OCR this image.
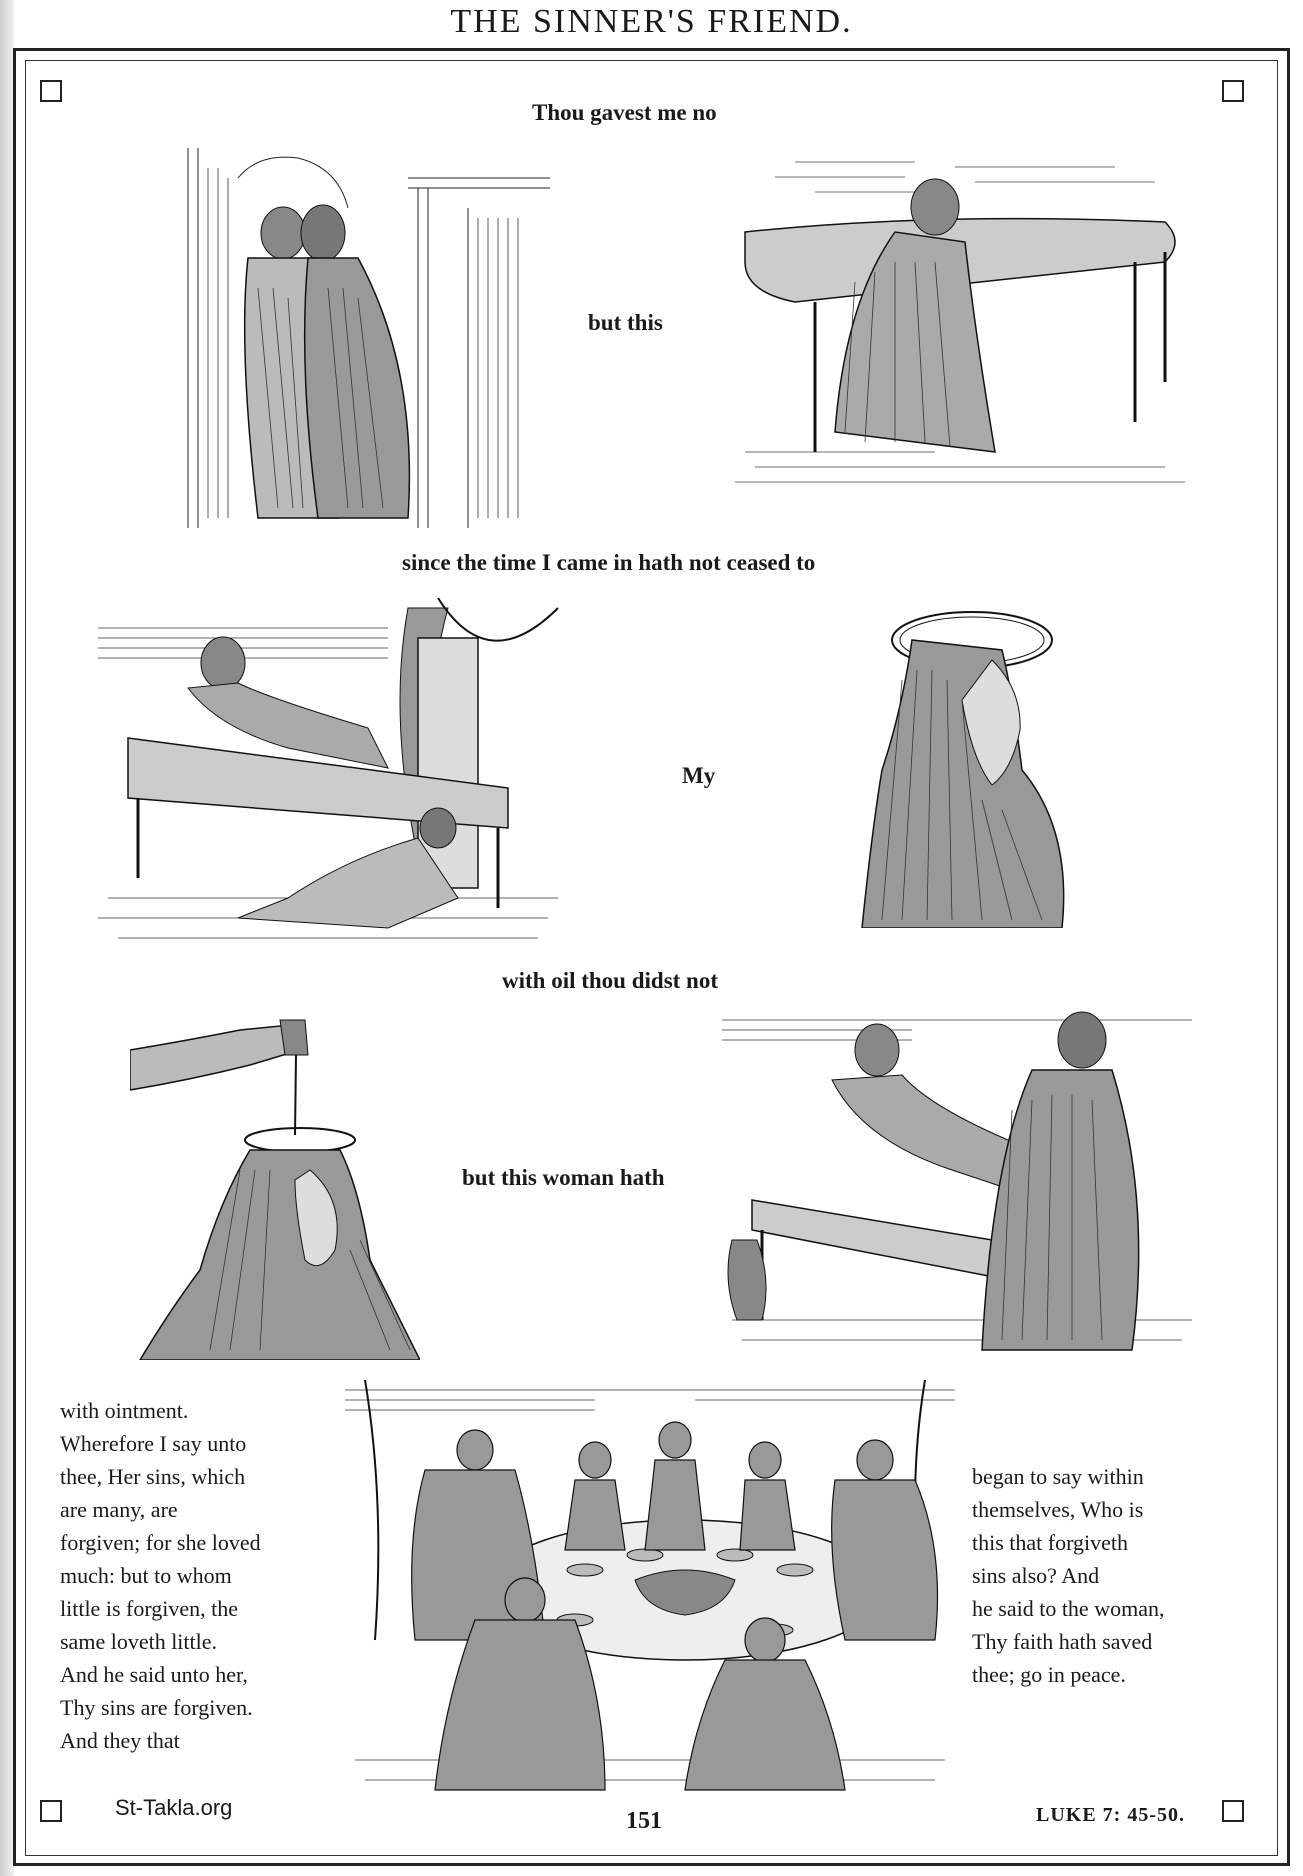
THE SINNER'S FRIEND.
Thou gavest me no
but this
since the time I came in hath not ceased to
My
with oil thou didst not
but this woman hath
with ointment.
Wherefore I say unto
thee, Her sins, which
are many, are
forgiven; for she loved
much: but to whom
little is forgiven, the
same loveth little.
And he said unto her,
Thy sins are forgiven.
And they that
began to say within
themselves, Who is
this that forgiveth
sins also? And
he said to the woman,
Thy faith hath saved
thee; go in peace.
St-Takla.org
151	LUKE 7: 45-50.
